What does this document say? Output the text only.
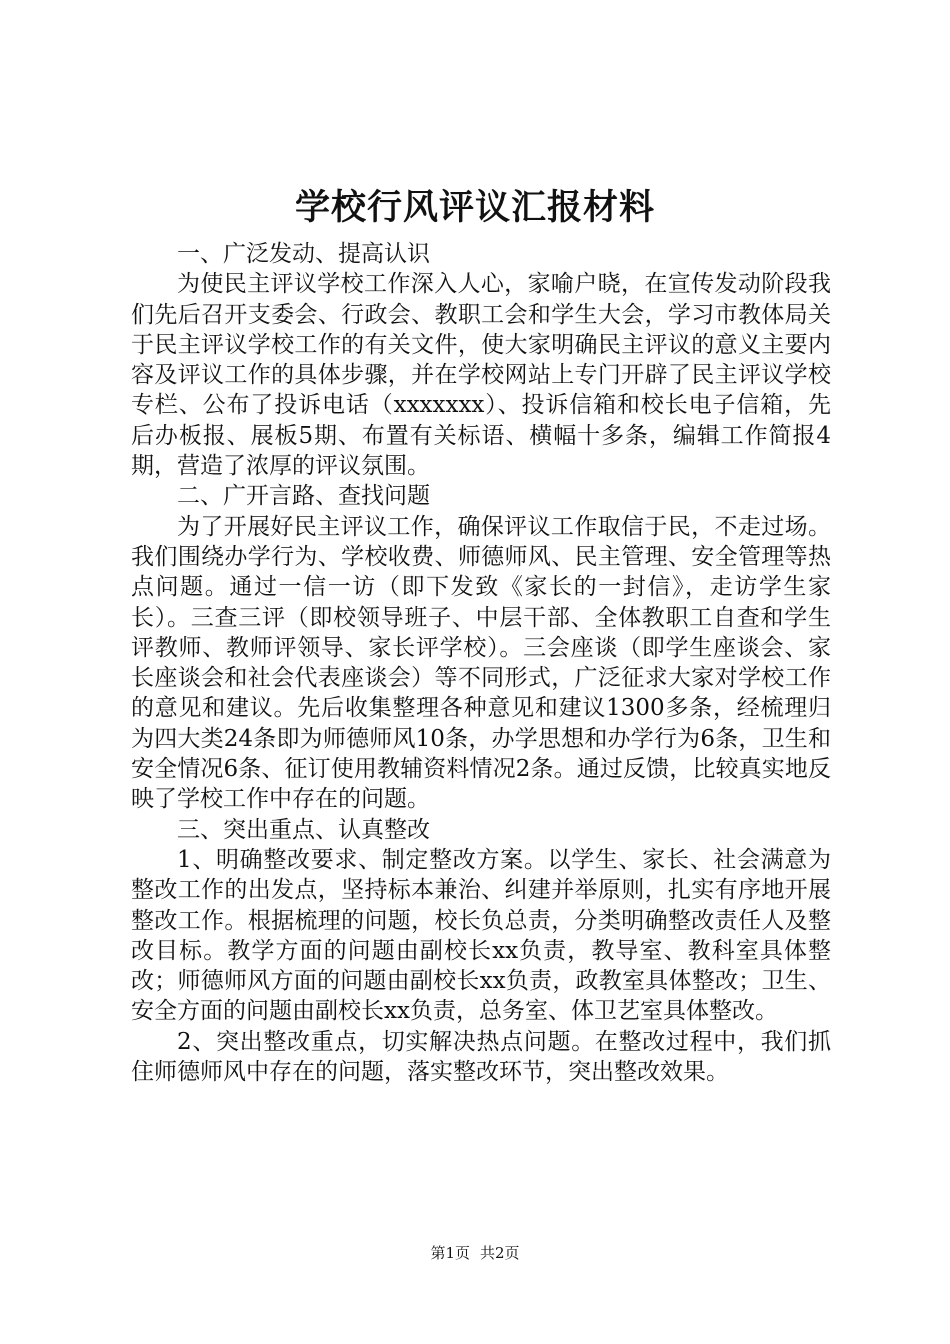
学校行风评议汇报材料

一、广泛发动、提高认识

为使民主评议学校工作深入人心，家喻户晓，在宣传发动阶段我们先后召开支委会、行政会、教职工会和学生大会，学习市教体局关于民主评议学校工作的有关文件，使大家明确民主评议的意义主要内容及评议工作的具体步骤，并在学校网站上专门开辟了民主评议学校专栏、公布了投诉电话（xxxxxxx）、投诉信箱和校长电子信箱，先后办板报、展板5期、布置有关标语、横幅十多条，编辑工作简报4期，营造了浓厚的评议氛围。

二、广开言路、查找问题

为了开展好民主评议工作，确保评议工作取信于民，不走过场。我们围绕办学行为、学校收费、师德师风、民主管理、安全管理等热点问题。通过一信一访（即下发致《家长的一封信》，走访学生家长）。三查三评（即校领导班子、中层干部、全体教职工自查和学生评教师、教师评领导、家长评学校）。三会座谈（即学生座谈会、家长座谈会和社会代表座谈会）等不同形式，广泛征求大家对学校工作的意见和建议。先后收集整理各种意见和建议1300多条，经梳理归为四大类24条即为师德师风10条，办学思想和办学行为6条，卫生和安全情况6条、征订使用教辅资料情况2条。通过反馈，比较真实地反映了学校工作中存在的问题。

三、突出重点、认真整改

1、明确整改要求、制定整改方案。以学生、家长、社会满意为整改工作的出发点，坚持标本兼治、纠建并举原则，扎实有序地开展整改工作。根据梳理的问题，校长负总责，分类明确整改责任人及整改目标。教学方面的问题由副校长xx负责，教导室、教科室具体整改；师德师风方面的问题由副校长xx负责，政教室具体整改；卫生、安全方面的问题由副校长xx负责，总务室、体卫艺室具体整改。

2、突出整改重点，切实解决热点问题。在整改过程中，我们抓住师德师风中存在的问题，落实整改环节，突出整改效果。

第1页 共2页
